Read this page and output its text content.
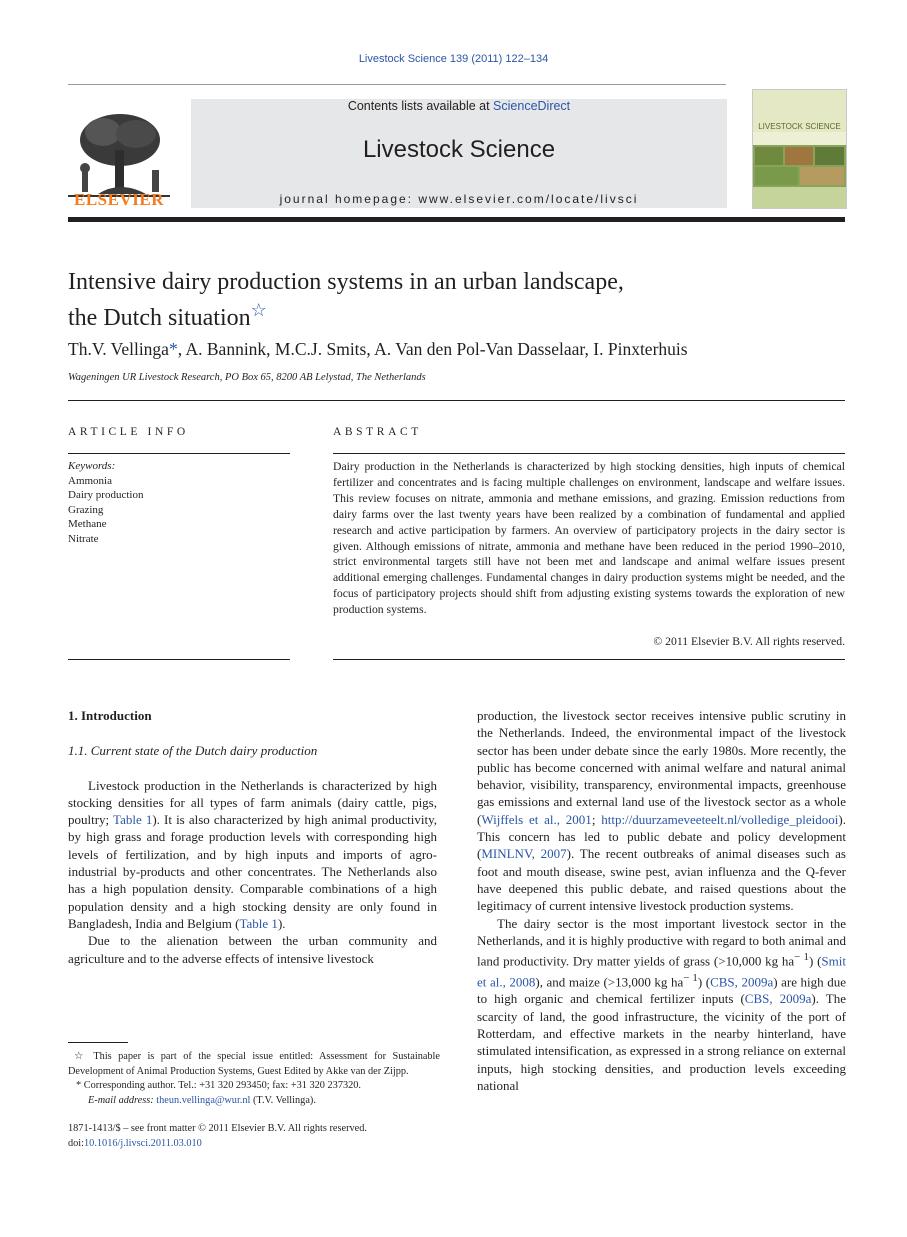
Livestock Science 139 (2011) 122–134
ELSEVIER
Contents lists available at ScienceDirect
Livestock Science
journal homepage: www.elsevier.com/locate/livsci
LIVESTOCK SCIENCE
Intensive dairy production systems in an urban landscape,
the Dutch situation☆
Th.V. Vellinga*, A. Bannink, M.C.J. Smits, A. Van den Pol-Van Dasselaar, I. Pinxterhuis
Wageningen UR Livestock Research, PO Box 65, 8200 AB Lelystad, The Netherlands
ARTICLE INFO	ABSTRACT
Keywords:
Ammonia
Dairy production
Grazing
Methane
Nitrate
Dairy production in the Netherlands is characterized by high stocking densities, high inputs of chemical fertilizer and concentrates and is facing multiple challenges on environment, landscape and welfare issues. This review focuses on nitrate, ammonia and methane emissions, and grazing. Emission reductions from dairy farms over the last twenty years have been realized by a combination of fundamental and applied research and active participation by farmers. An overview of participatory projects in the dairy sector is given. Although emissions of nitrate, ammonia and methane have been reduced in the period 1990–2010, strict environmental targets still have not been met and landscape and animal welfare issues present additional emerging challenges. Fundamental changes in dairy production systems might be needed, and the focus of participatory projects should shift from adjusting existing systems towards the exploration of new production systems.
© 2011 Elsevier B.V. All rights reserved.

1. Introduction

1.1. Current state of the Dutch dairy production

Livestock production in the Netherlands is characterized by high stocking densities for all types of farm animals (dairy cattle, pigs, poultry; Table 1). It is also characterized by high animal productivity, by high grass and forage production levels with corresponding high levels of fertilization, and by high inputs and imports of agro-industrial by-products and other concentrates. The Netherlands also has a high population density. Comparable combinations of a high population density and a high stocking density are only found in Bangladesh, India and Belgium (Table 1).

Due to the alienation between the urban community and agriculture and to the adverse effects of intensive livestock

production, the livestock sector receives intensive public scrutiny in the Netherlands. Indeed, the environmental impact of the livestock sector has been under debate since the early 1980s. More recently, the public has become concerned with animal welfare and natural animal behavior, visibility, transparency, environmental impacts, greenhouse gas emissions and external land use of the livestock sector as a whole (Wijffels et al., 2001; http://duurzameveeteelt.nl/volledige_pleidooi). This concern has led to public debate and policy development (MINLNV, 2007). The recent outbreaks of animal diseases such as foot and mouth disease, swine pest, avian influenza and the Q-fever have deepened this public debate, and raised questions about the legitimacy of current intensive livestock production systems.

The dairy sector is the most important livestock sector in the Netherlands, and it is highly productive with regard to both animal and land productivity. Dry matter yields of grass (>10,000 kg $ha^{- 1}$) (Smit et al., 2008), and maize (>13,000 kg $ha^{- 1}$) (CBS, 2009a) are high due to high organic and chemical fertilizer inputs (CBS, 2009a). The scarcity of land, the good infrastructure, the vicinity of the port of Rotterdam, and effective markets in the nearby hinterland, have stimulated intensification, as expressed in a strong reliance on external inputs, high stocking densities, and production levels exceeding national

☆ This paper is part of the special issue entitled: Assessment for Sustainable Development of Animal Production Systems, Guest Edited by Akke van der Zijpp.

* Corresponding author. Tel.: +31 320 293450; fax: +31 320 237320.

E-mail address: theun.vellinga@wur.nl (T.V. Vellinga).

1871-1413/$ – see front matter © 2011 Elsevier B.V. All rights reserved.
doi:10.1016/j.livsci.2011.03.010
